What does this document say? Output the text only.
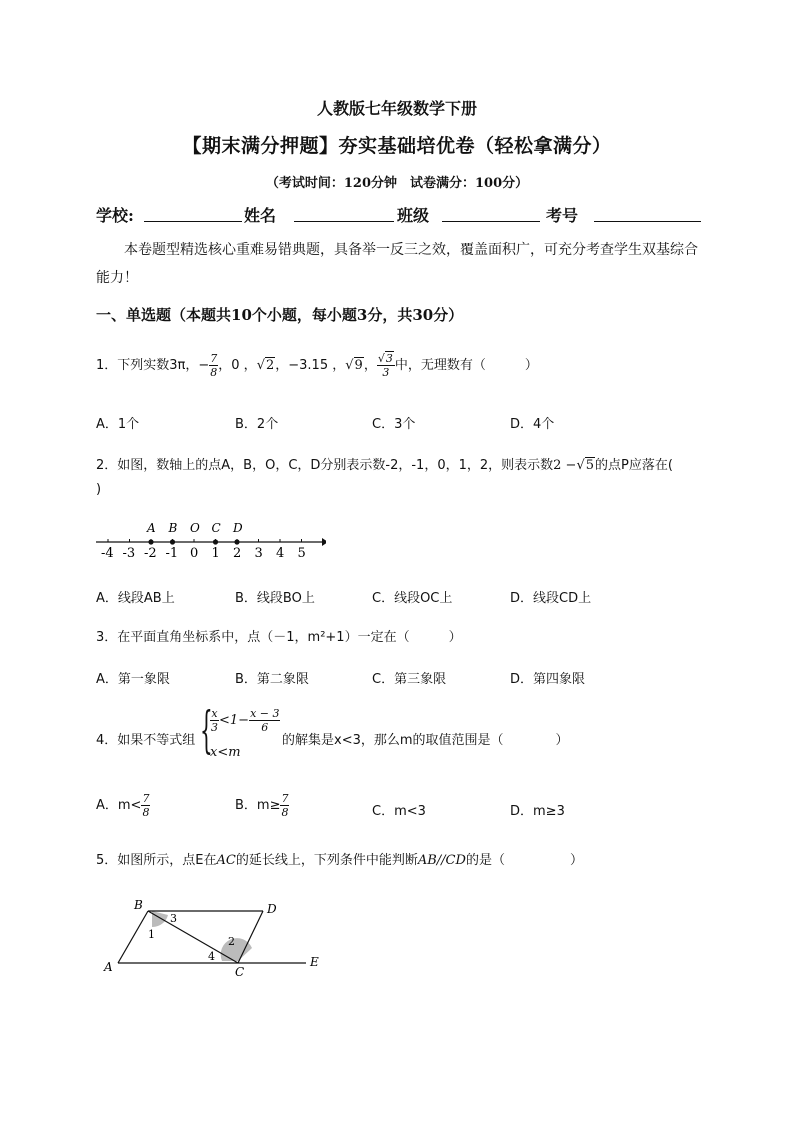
人教版七年级数学下册
【期末满分押题】夯实基础培优卷（轻松拿满分）
（考试时间：120分钟　试卷满分：100分）
学校:	姓名	班级	考号
本卷题型精选核心重难易错典题，具备举一反三之效，覆盖面积广，可充分考查学生双基综合能力！
一、单选题（本题共10个小题，每小题3分，共30分）
1．下列实数3π，− $\frac{7}{8}$ ，0 ，√2，−3.15 ，√9， $\frac{√3}{3}$ 中，无理数有（　　　）
A．1个	B．2个	C．3个	D．4个
2．如图，数轴上的点A，B，O，C，D分别表示数-2，-1，0，1，2，则表示数2 −√5的点P应落在(
)
-4 -3 -2 -1 0 1 2 3 4 5
A B O C D
A．线段AB上	B．线段BO上	C．线段OC上	D．线段CD上
3．在平面直角坐标系中，点（－1，m²+1）一定在（　　　）
A．第一象限	B．第二象限	C．第三象限	D．第四象限
4．如果不等式组 {
$\frac{x}{3} <1- \frac{x - 3}{6}$
x<m
的解集是x<3，那么m的取值范围是（　　　　）
A．$m< \frac{7}{8}$	B．$m\ge \frac{7}{8}$	C．m<3	D．m≥3
5．如图所示，点E在AC的延长线上，下列条件中能判断AB//CD的是（　　　　　）
A
B
C
D
E
1
2
3
4
